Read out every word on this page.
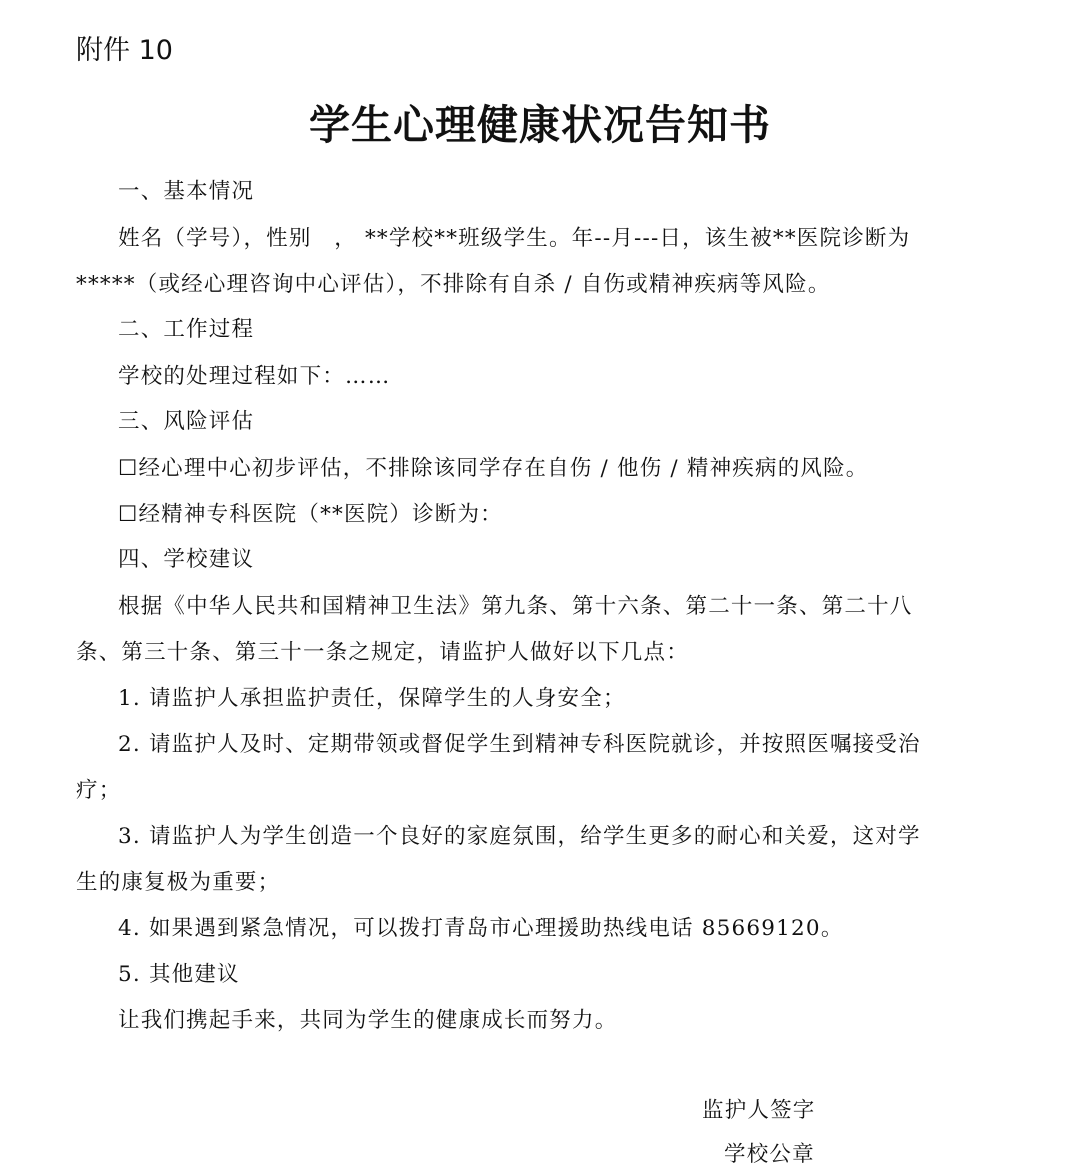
附件 10
学生心理健康状况告知书
一、基本情况
姓名（学号），性别　， **学校**班级学生。年--月---日，该生被**医院诊断为
*****（或经心理咨询中心评估），不排除有自杀 / 自伤或精神疾病等风险。
二、工作过程
学校的处理过程如下：……
三、风险评估
☐经心理中心初步评估，不排除该同学存在自伤 / 他伤 / 精神疾病的风险。
☐经精神专科医院（**医院）诊断为：
四、学校建议
根据《中华人民共和国精神卫生法》第九条、第十六条、第二十一条、第二十八
条、第三十条、第三十一条之规定，请监护人做好以下几点：
1. 请监护人承担监护责任，保障学生的人身安全；
2. 请监护人及时、定期带领或督促学生到精神专科医院就诊，并按照医嘱接受治
疗；
3. 请监护人为学生创造一个良好的家庭氛围，给学生更多的耐心和关爱，这对学
生的康复极为重要；
4. 如果遇到紧急情况，可以拨打青岛市心理援助热线电话 85669120。
5. 其他建议
让我们携起手来，共同为学生的健康成长而努力。
监护人签字
学校公章
